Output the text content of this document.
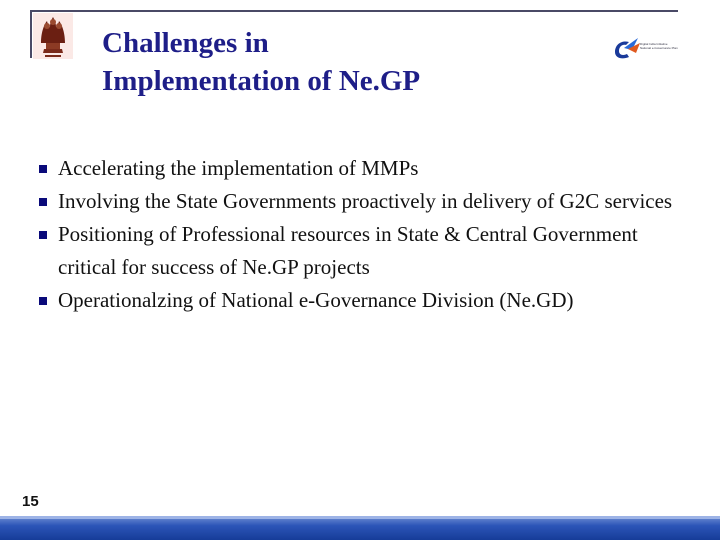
Digital India Initiative
National e-Governance Plan
Challenges in
Implementation of Ne.GP
Accelerating the implementation of MMPs
Involving the State Governments proactively in delivery of G2C services
Positioning of Professional resources in State & Central Government critical for success of Ne.GP projects
Operationalzing of National e-Governance Division (Ne.GD)
15
